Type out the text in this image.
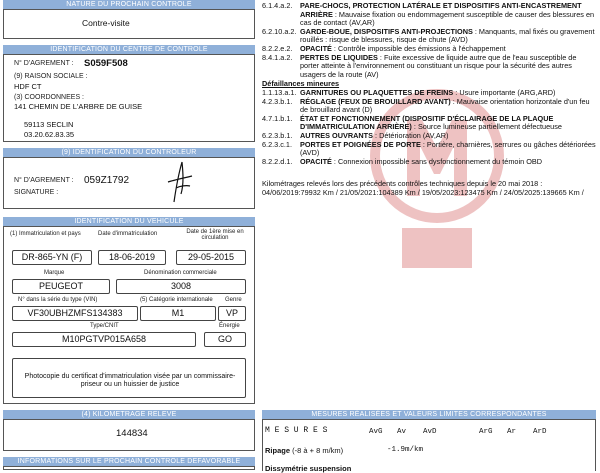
NATURE DU PROCHAIN CONTROLE
Contre-visite
IDENTIFICATION DU CENTRE DE CONTROLE
N° D'AGREMENT : S059F508
(9) RAISON SOCIALE :
HDF CT
(3) COORDONNEES :
141 CHEMIN DE L'ARBRE DE GUISE
59113 SECLIN
03.20.62.83.35
(9) IDENTIFICATION DU CONTROLEUR
N° D'AGREMENT : 059Z1792
SIGNATURE :
IDENTIFICATION DU VEHICULE
(1) Immatriculation et pays	Date d'immatriculation	Date de 1ère mise en circulation
DR-865-YN (F)	18-06-2019	29-05-2015
Marque	Dénomination commerciale
PEUGEOT	3008
N° dans la série du type (VIN)	(5) Catégorie internationale Genre
VF30UBHZMFS134383	M1	VP
Type/CNIT	Énergie
M10PGTVP015A658	GO
Photocopie du certificat d'immatriculation visée par un commissaire-priseur ou un huissier de justice
(4) KILOMETRAGE RELEVE
144834
INFORMATIONS SUR LE PROCHAIN CONTROLE DEFAVORABLE
6.1.4.a.2.	PARE-CHOCS, PROTECTION LATÉRALE ET DISPOSITIFS ANTI-ENCASTREMENT ARRIÈRE : Mauvaise fixation ou endommagement susceptible de causer des blessures en cas de contact (AV,AR)
6.2.10.a.2. GARDE-BOUE, DISPOSITIFS ANTI-PROJECTIONS : Manquants, mal fixés ou gravement rouillés : risque de blessures, risque de chute (AVD)
8.2.2.e.2.	OPACITÉ : Contrôle impossible des émissions à l'échappement
8.4.1.a.2.	PERTES DE LIQUIDES : Fuite excessive de liquide autre que de l'eau susceptible de porter atteinte à l'environnement ou constituant un risque pour la sécurité des autres usagers de la route (AV)
Défaillances mineures
1.1.13.a.1. GARNITURES OU PLAQUETTES DE FREINS : Usure importante (ARG,ARD)
4.2.3.b.1.	RÉGLAGE (FEUX DE BROUILLARD AVANT) : Mauvaise orientation horizontale d'un feu de brouillard avant (D)
4.7.1.b.1.	ÉTAT ET FONCTIONNEMENT (DISPOSITIF D'ÉCLAIRAGE DE LA PLAQUE D'IMMATRICULATION ARRIÈRE) : Source lumineuse partiellement défectueuse
6.2.3.b.1.	AUTRES OUVRANTS : Détérioration (AV,AR)
6.2.3.c.1.	PORTES ET POIGNÉES DE PORTE : Portière, charnières, serrures ou gâches détériorées (AVD)
8.2.2.d.1.	OPACITÉ : Connexion impossible sans dysfonctionnement du témoin OBD
Kilométrages relevés lors des précédents contrôles techniques depuis le 20 mai 2018 : 04/06/2019:79932 Km / 21/05/2021:104389 Km / 19/05/2023:123475 Km / 24/05/2025:139665 Km /
MESURES RÉALISÉES ET VALEURS LIMITES CORRESPONDANTES
M E S U R E S	AvG Av AvD	ArG Ar ArD
Ripage (-8 à + 8 m/km)	-1.9m/km
Dissymétrie suspension
